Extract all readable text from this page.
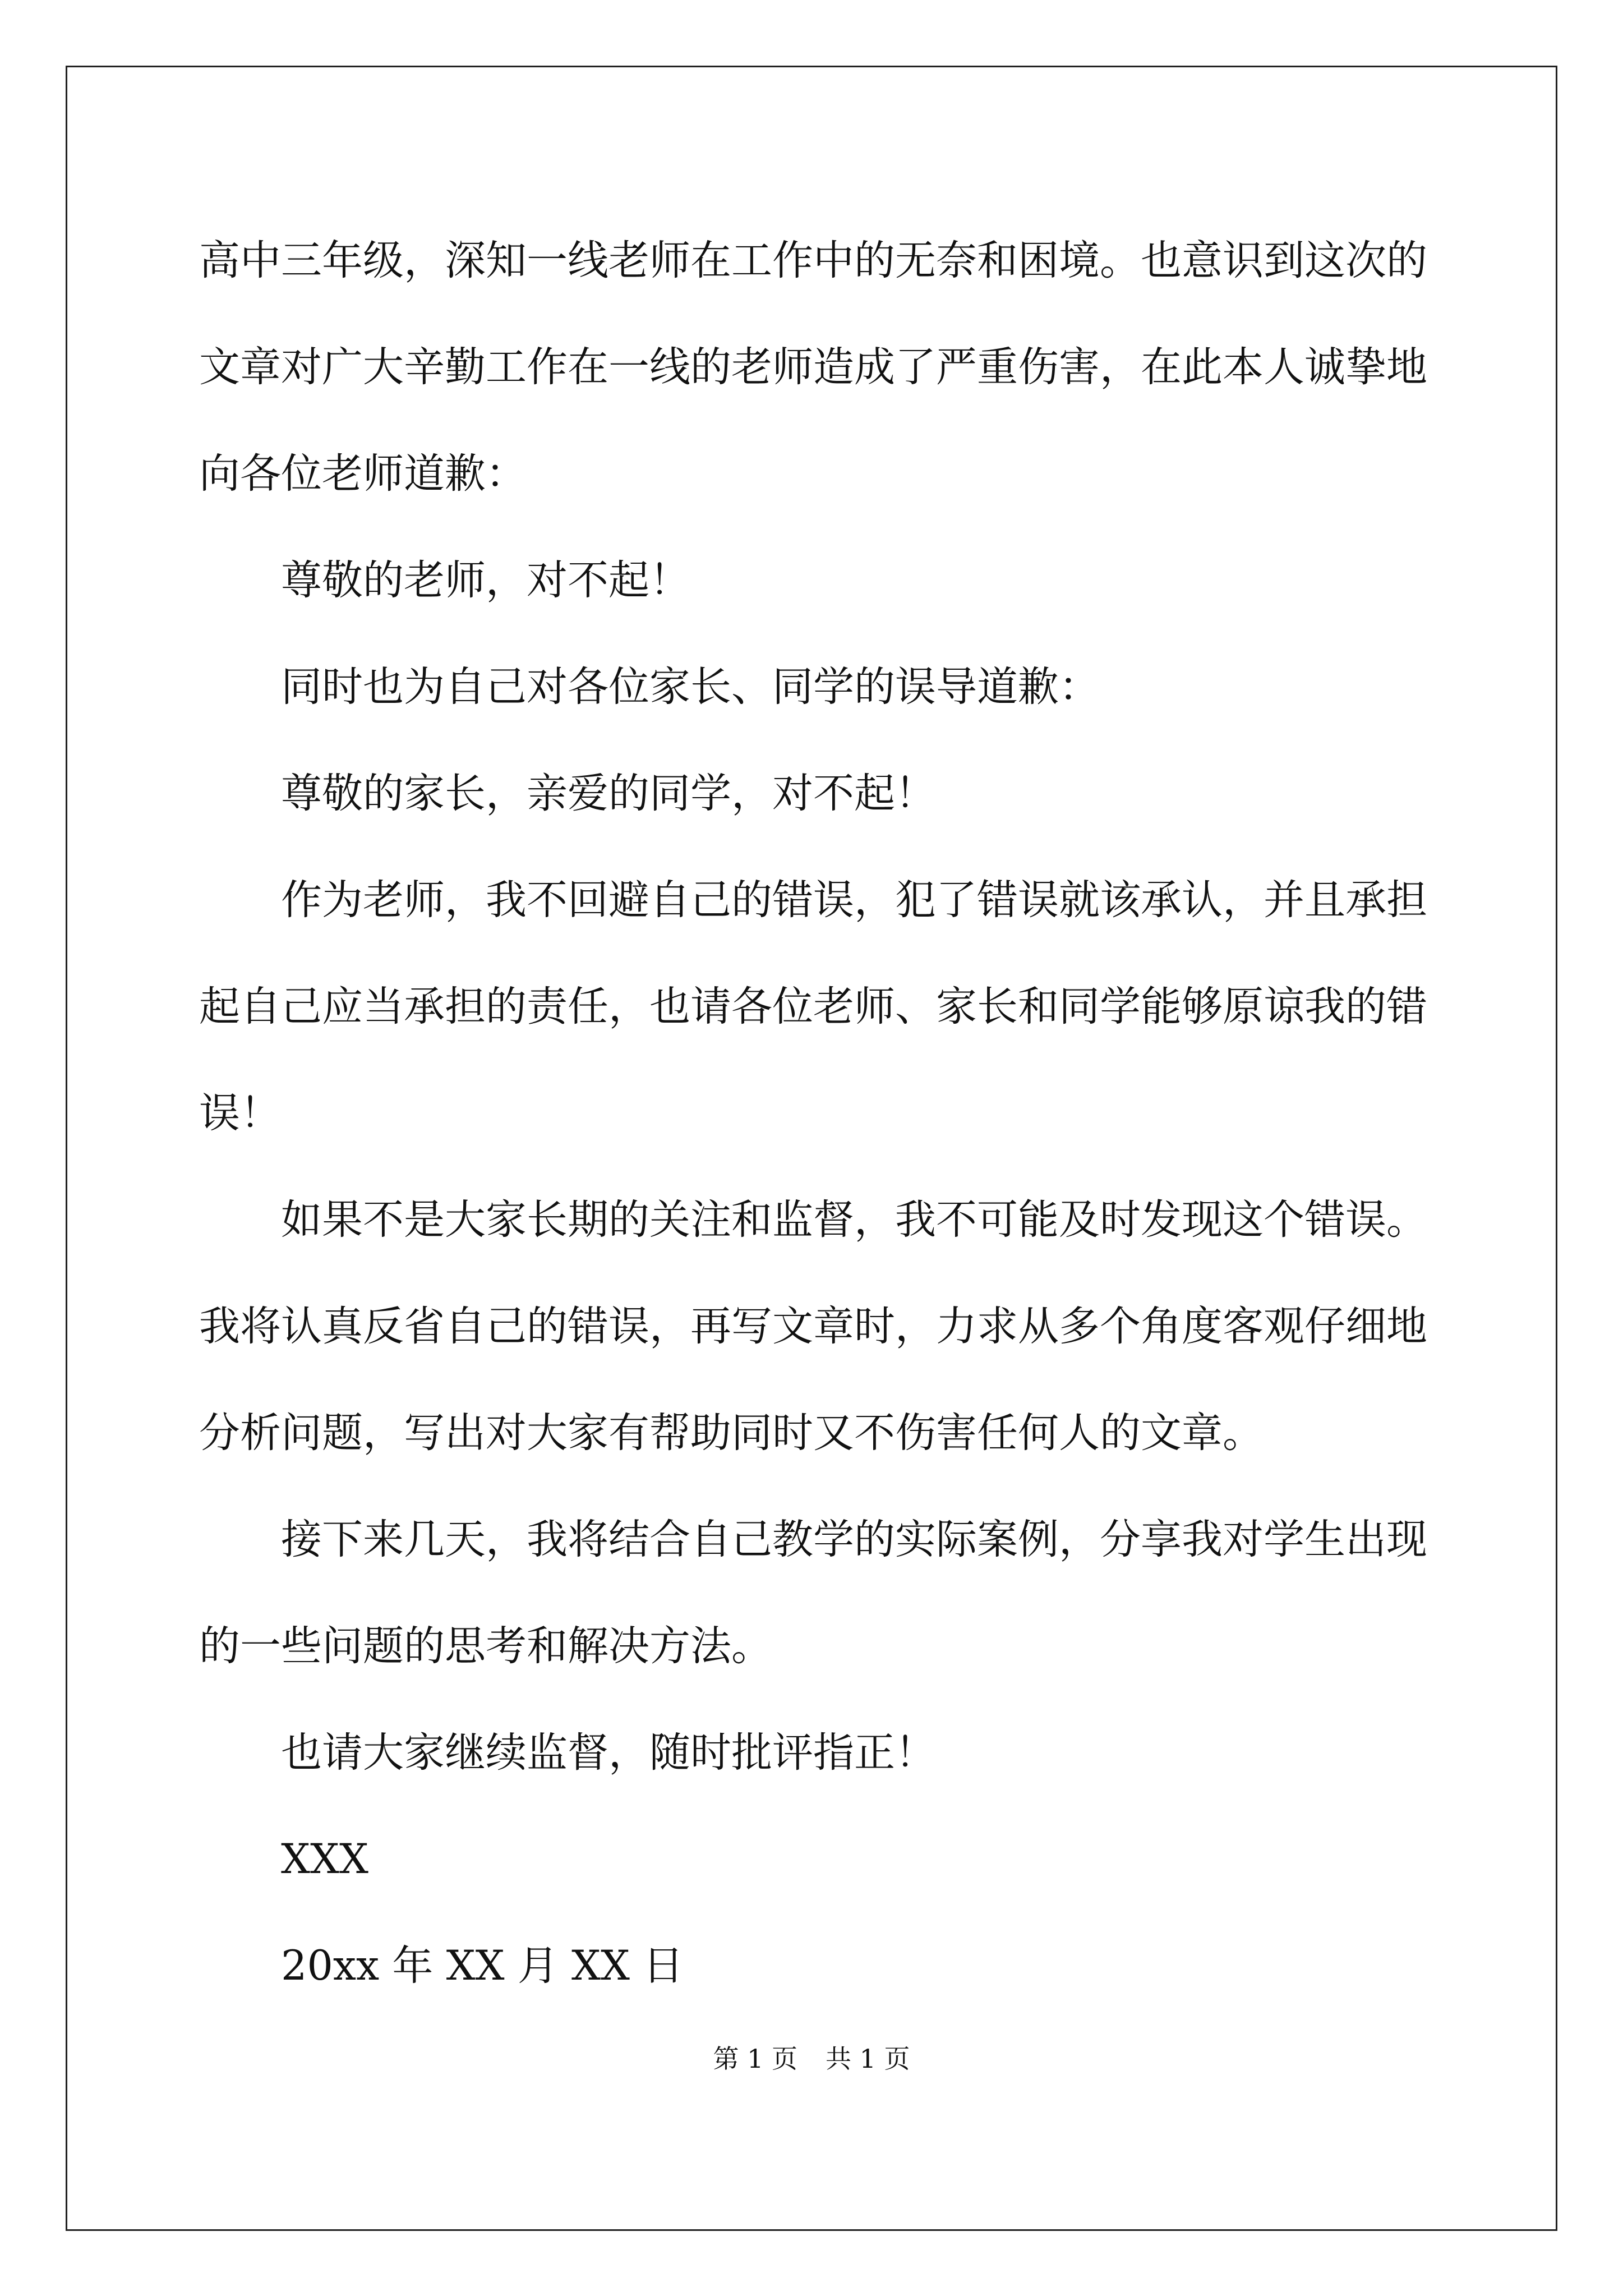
高中三年级，深知一线老师在工作中的无奈和困境。也意识到这次的文章对广大辛勤工作在一线的老师造成了严重伤害，在此本人诚挚地向各位老师道歉：

尊敬的老师，对不起！

同时也为自己对各位家长、同学的误导道歉：

尊敬的家长，亲爱的同学，对不起！

作为老师，我不回避自己的错误，犯了错误就该承认，并且承担起自己应当承担的责任，也请各位老师、家长和同学能够原谅我的错误！

如果不是大家长期的关注和监督，我不可能及时发现这个错误。我将认真反省自己的错误，再写文章时，力求从多个角度客观仔细地分析问题，写出对大家有帮助同时又不伤害任何人的文章。

接下来几天，我将结合自己教学的实际案例，分享我对学生出现的一些问题的思考和解决方法。

也请大家继续监督，随时批评指正！

XXX

20xx 年 XX 月 XX 日

第 1 页 共 1 页
